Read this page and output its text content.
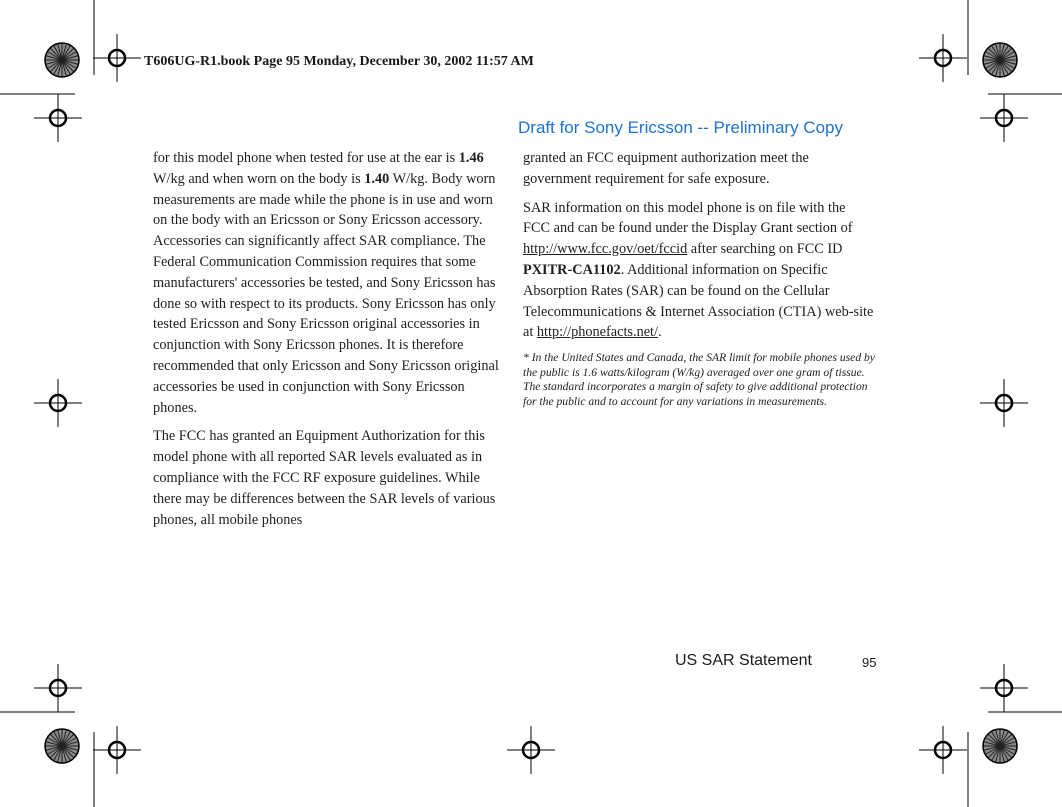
T606UG-R1.book Page 95 Monday, December 30, 2002 11:57 AM
Draft for Sony Ericsson -- Preliminary Copy

for this model phone when tested for use at the ear is 1.46 W/kg and when worn on the body is 1.40 W/kg. Body worn measurements are made while the phone is in use and worn on the body with an Ericsson or Sony Ericsson accessory. Accessories can significantly affect SAR compliance. The Federal Communication Commission requires that some manufacturers' accessories be tested, and Sony Ericsson has done so with respect to its products. Sony Ericsson has only tested Ericsson and Sony Ericsson original accessories in conjunction with Sony Ericsson phones. It is therefore recommended that only Ericsson and Sony Ericsson original accessories be used in conjunction with Sony Ericsson phones.

The FCC has granted an Equipment Authorization for this model phone with all reported SAR levels evaluated as in compliance with the FCC RF exposure guidelines. While there may be differences between the SAR levels of various phones, all mobile phones

granted an FCC equipment authorization meet the government requirement for safe exposure.

SAR information on this model phone is on file with the FCC and can be found under the Display Grant section of http://www.fcc.gov/oet/fccid after searching on FCC ID PXITR-CA1102. Additional information on Specific Absorption Rates (SAR) can be found on the Cellular Telecommunications & Internet Association (CTIA) web-site at http://phonefacts.net/.

* In the United States and Canada, the SAR limit for mobile phones used by the public is 1.6 watts/kilogram (W/kg) averaged over one gram of tissue. The standard incorporates a margin of safety to give additional protection for the public and to account for any variations in measurements.
US SAR Statement	95
